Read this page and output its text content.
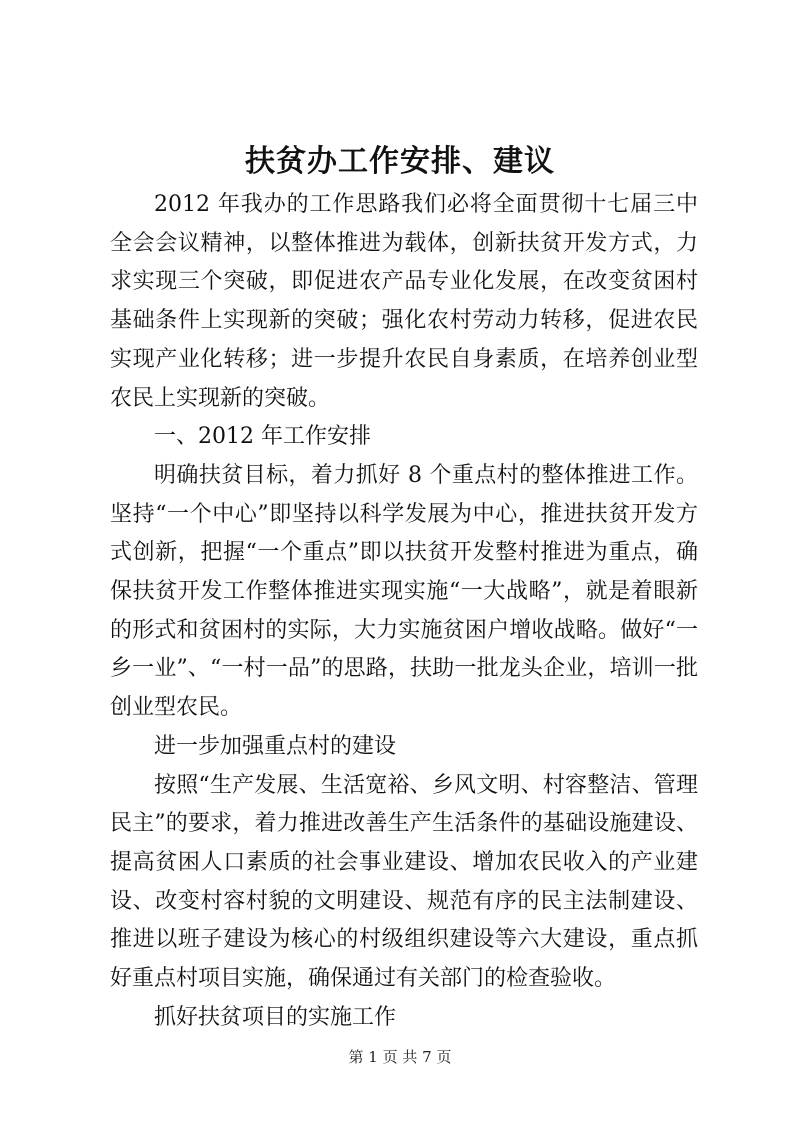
扶贫办工作安排、建议

2012 年我办的工作思路我们必将全面贯彻十七届三中全会会议精神，以整体推进为载体，创新扶贫开发方式，力求实现三个突破，即促进农产品专业化发展，在改变贫困村基础条件上实现新的突破；强化农村劳动力转移，促进农民实现产业化转移；进一步提升农民自身素质，在培养创业型农民上实现新的突破。

一、2012 年工作安排

明确扶贫目标，着力抓好 8 个重点村的整体推进工作。坚持“一个中心”即坚持以科学发展为中心，推进扶贫开发方式创新，把握“一个重点”即以扶贫开发整村推进为重点，确保扶贫开发工作整体推进实现实施“一大战略”，就是着眼新的形式和贫困村的实际，大力实施贫困户增收战略。做好“一乡一业”、“一村一品”的思路，扶助一批龙头企业，培训一批创业型农民。

进一步加强重点村的建设

按照“生产发展、生活宽裕、乡风文明、村容整洁、管理民主”的要求，着力推进改善生产生活条件的基础设施建设、提高贫困人口素质的社会事业建设、增加农民收入的产业建设、改变村容村貌的文明建设、规范有序的民主法制建设、推进以班子建设为核心的村级组织建设等六大建设，重点抓好重点村项目实施，确保通过有关部门的检查验收。

抓好扶贫项目的实施工作

第 1 页 共 7 页
